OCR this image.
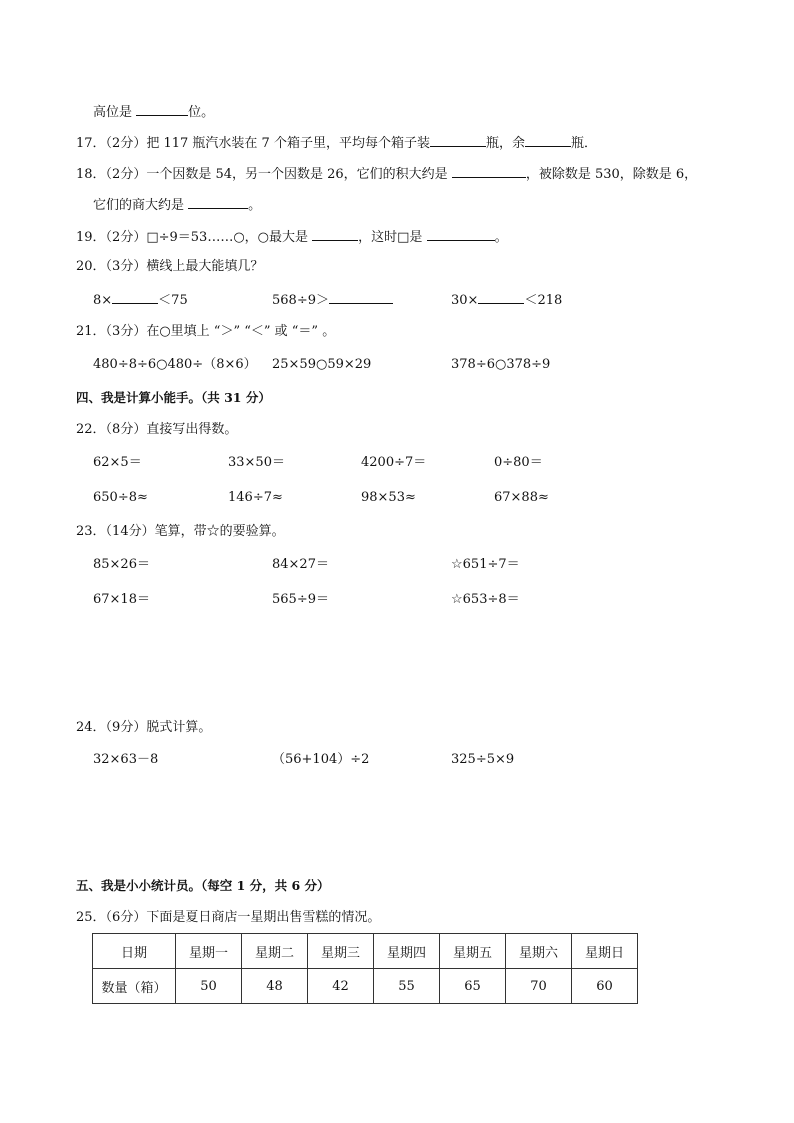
高位是	位。
17．（2分）把 117 瓶汽水装在 7 个箱子里，平均每个箱子装	瓶，余	瓶．
18．（2分）一个因数是 54，另一个因数是 26，它们的积大约是	，被除数是 530，除数是 6，
它们的商大约是	。
19．（2分）□÷9＝53……○，○最大是	，这时□是	。
20．（3分）横线上最大能填几？
8×	＜75	568÷9＞	30×	＜218
21．（3分）在○里填上 “＞” “＜” 或 “＝” 。
480÷8÷6○480÷（8×6） 25×59○59×29	378÷6○378÷9
四、我是计算小能手。（共 31 分）
22．（8分）直接写出得数。
62×5＝	33×50＝	4200÷7＝	0÷80＝
650÷8≈	146÷7≈	98×53≈	67×88≈
23．（14分）笔算，带☆的要验算。
85×26＝	84×27＝	☆651÷7＝
67×18＝	565÷9＝	☆653÷8＝
24．（9分）脱式计算。
32×63－8	（56+104）÷2	325÷5×9
五、我是小小统计员。（每空 1 分，共 6 分）
25．（6分）下面是夏日商店一星期出售雪糕的情况。
日期	星期一	星期二	星期三	星期四	星期五	星期六	星期日
数量（箱）	50	48	42	55	65	70	60
